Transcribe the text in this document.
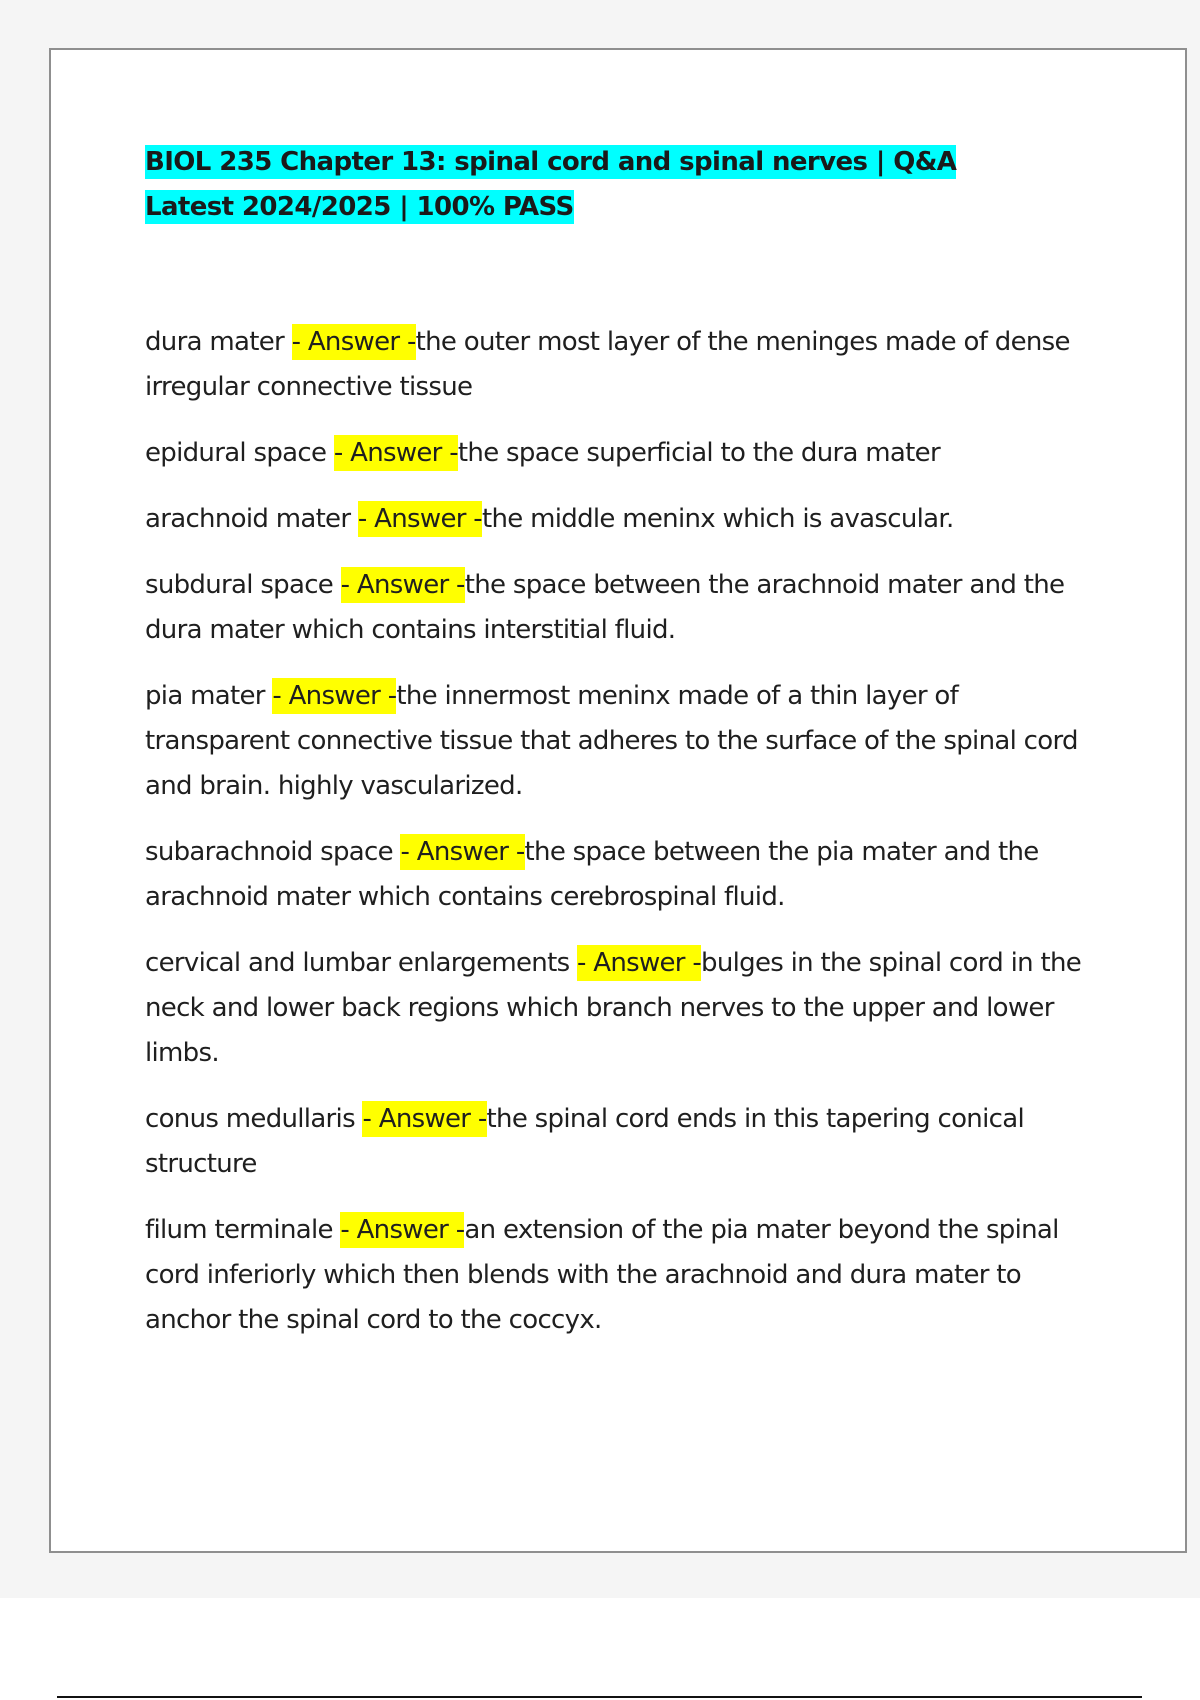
BIOL 235 Chapter 13: spinal cord and spinal nerves | Q&A Latest 2024/2025 | 100% PASS

dura mater - Answer -the outer most layer of the meninges made of dense irregular connective tissue

epidural space - Answer -the space superficial to the dura mater

arachnoid mater - Answer -the middle meninx which is avascular.

subdural space - Answer -the space between the arachnoid mater and the dura mater which contains interstitial fluid.

pia mater - Answer -the innermost meninx made of a thin layer of transparent connective tissue that adheres to the surface of the spinal cord and brain. highly vascularized.

subarachnoid space - Answer -the space between the pia mater and the arachnoid mater which contains cerebrospinal fluid.

cervical and lumbar enlargements - Answer -bulges in the spinal cord in the neck and lower back regions which branch nerves to the upper and lower limbs.

conus medullaris - Answer -the spinal cord ends in this tapering conical structure

filum terminale - Answer -an extension of the pia mater beyond the spinal cord inferiorly which then blends with the arachnoid and dura mater to anchor the spinal cord to the coccyx.
